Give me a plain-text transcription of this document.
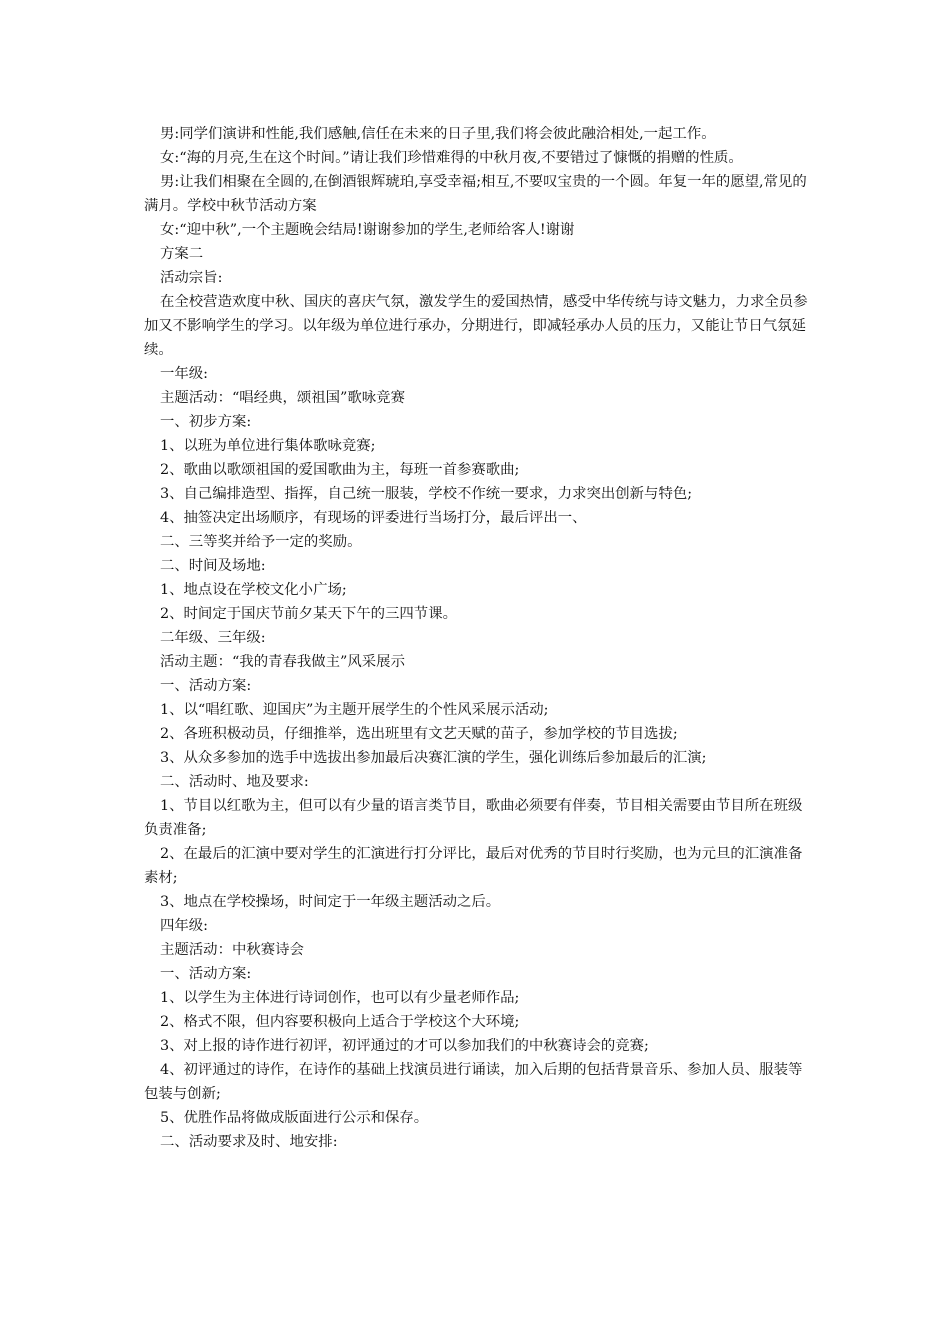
男:同学们演讲和性能,我们感触,信任在未来的日子里,我们将会彼此融洽相处,一起工作。

女:“海的月亮,生在这个时间。”请让我们珍惜难得的中秋月夜,不要错过了慷慨的捐赠的性质。

男:让我们相聚在全圆的,在倒酒银辉琥珀,享受幸福;相互,不要叹宝贵的一个圆。年复一年的愿望,常见的满月。学校中秋节活动方案

女:“迎中秋”,一个主题晚会结局!谢谢参加的学生,老师给客人!谢谢

方案二

活动宗旨:

在全校营造欢度中秋、国庆的喜庆气氛，激发学生的爱国热情，感受中华传统与诗文魅力，力求全员参加又不影响学生的学习。以年级为单位进行承办，分期进行，即减轻承办人员的压力，又能让节日气氛延续。

一年级:

主题活动：“唱经典，颂祖国”歌咏竞赛

一、初步方案:

1、以班为单位进行集体歌咏竞赛;

2、歌曲以歌颂祖国的爱国歌曲为主，每班一首参赛歌曲;

3、自己编排造型、指挥，自己统一服装，学校不作统一要求，力求突出创新与特色;

4、抽签决定出场顺序，有现场的评委进行当场打分，最后评出一、

二、三等奖并给予一定的奖励。

二、时间及场地:

1、地点设在学校文化小广场;

2、时间定于国庆节前夕某天下午的三四节课。

二年级、三年级:

活动主题：“我的青春我做主”风采展示

一、活动方案:

1、以“唱红歌、迎国庆”为主题开展学生的个性风采展示活动;

2、各班积极动员，仔细推举，选出班里有文艺天赋的苗子，参加学校的节目选拔;

3、从众多参加的选手中选拔出参加最后决赛汇演的学生，强化训练后参加最后的汇演;

二、活动时、地及要求:

1、节目以红歌为主，但可以有少量的语言类节目，歌曲必须要有伴奏，节目相关需要由节目所在班级负责准备;

2、在最后的汇演中要对学生的汇演进行打分评比，最后对优秀的节目时行奖励，也为元旦的汇演准备素材;

3、地点在学校操场，时间定于一年级主题活动之后。

四年级:

主题活动：中秋赛诗会

一、活动方案:

1、以学生为主体进行诗词创作，也可以有少量老师作品;

2、格式不限，但内容要积极向上适合于学校这个大环境;

3、对上报的诗作进行初评，初评通过的才可以参加我们的中秋赛诗会的竞赛;

4、初评通过的诗作，在诗作的基础上找演员进行诵读，加入后期的包括背景音乐、参加人员、服装等包装与创新;

5、优胜作品将做成版面进行公示和保存。

二、活动要求及时、地安排:
